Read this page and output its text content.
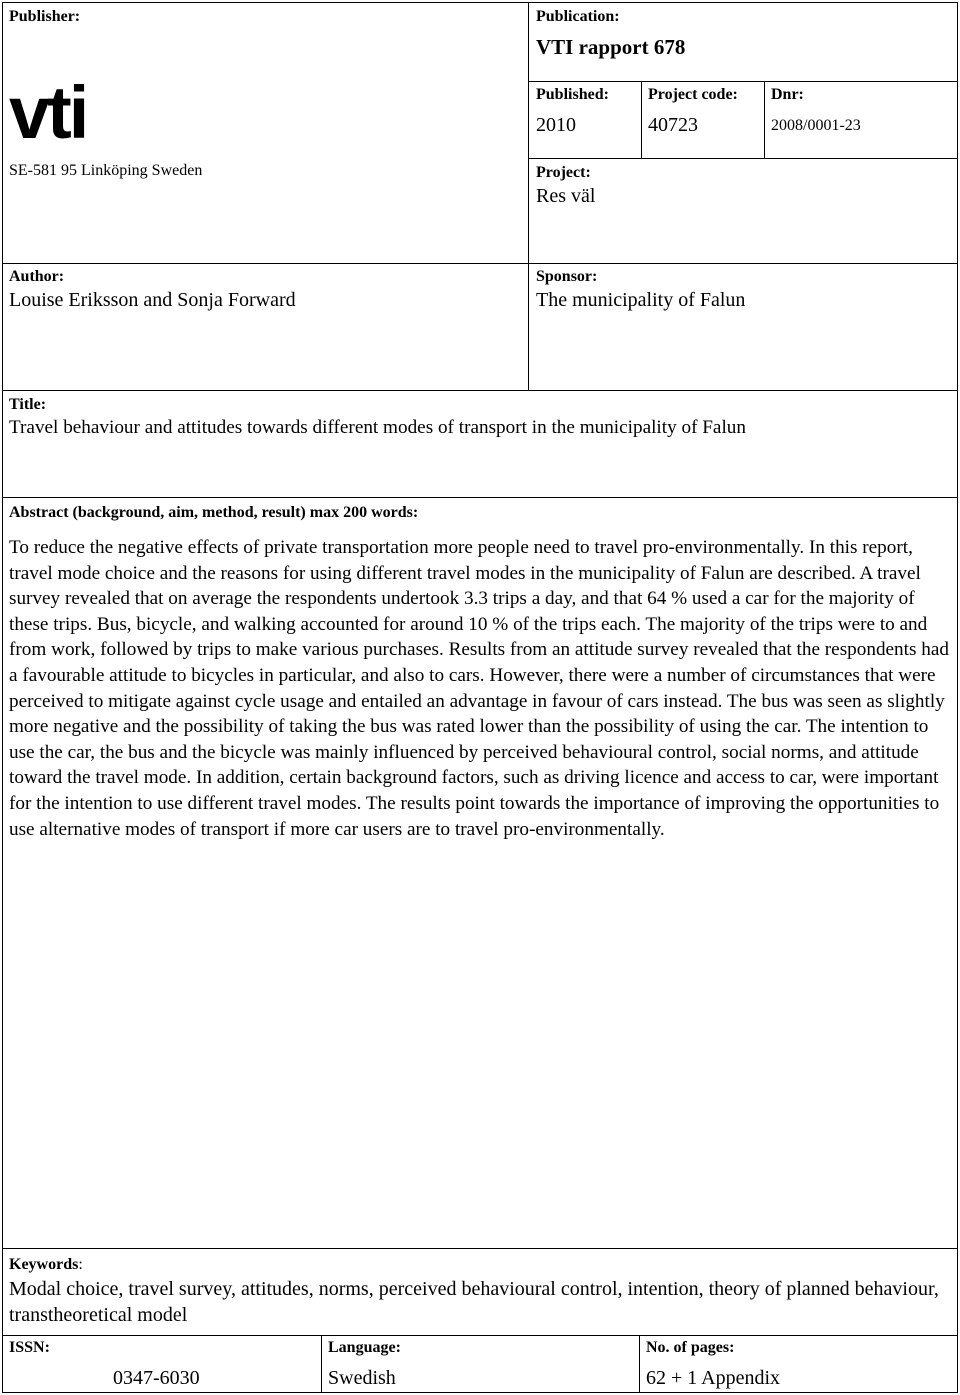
Publisher:
vti
SE-581 95 Linköping Sweden
Publication:
VTI rapport 678
Published:
2010
Project code:
40723
Dnr:
2008/0001-23
Project:
Res väl
Author:
Louise Eriksson and Sonja Forward
Sponsor:
The municipality of Falun
Title:
Travel behaviour and attitudes towards different modes of transport in the municipality of Falun
Abstract (background, aim, method, result) max 200 words:
To reduce the negative effects of private transportation more people need to travel pro-environmentally. In this report, travel mode choice and the reasons for using different travel modes in the municipality of Falun are described. A travel survey revealed that on average the respondents undertook 3.3 trips a day, and that 64 % used a car for the majority of these trips. Bus, bicycle, and walking accounted for around 10 % of the trips each. The majority of the trips were to and from work, followed by trips to make various purchases. Results from an attitude survey revealed that the respondents had a favourable attitude to bicycles in particular, and also to cars. However, there were a number of circumstances that were perceived to mitigate against cycle usage and entailed an advantage in favour of cars instead. The bus was seen as slightly more negative and the possibility of taking the bus was rated lower than the possibility of using the car. The intention to use the car, the bus and the bicycle was mainly influenced by perceived behavioural control, social norms, and attitude toward the travel mode. In addition, certain background factors, such as driving licence and access to car, were important for the intention to use different travel modes. The results point towards the importance of improving the opportunities to use alternative modes of transport if more car users are to travel pro-environmentally.
Keywords:
Modal choice, travel survey, attitudes, norms, perceived behavioural control, intention, theory of planned behaviour, transtheoretical model
ISSN:
0347-6030
Language:
Swedish
No. of pages:
62 + 1 Appendix
